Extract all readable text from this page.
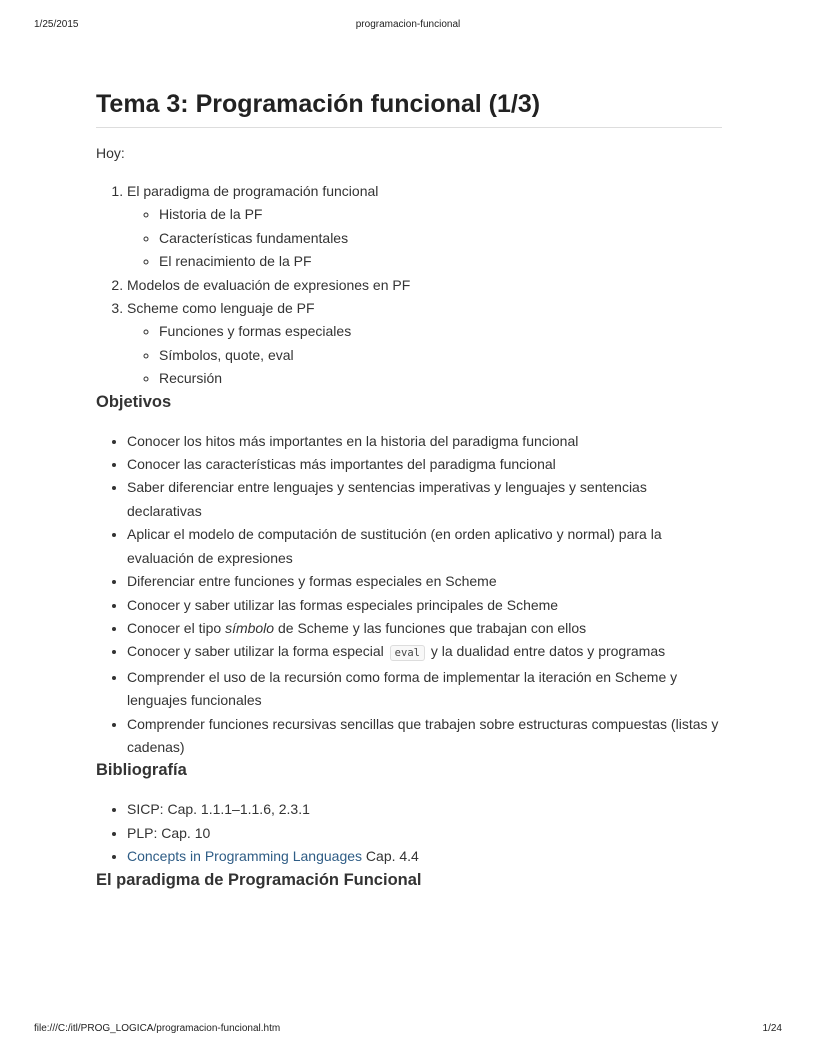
1/25/2015	programacion-funcional
Tema 3: Programación funcional (1/3)

Hoy:

1. El paradigma de programación funcional
◦ Historia de la PF
◦ Características fundamentales
◦ El renacimiento de la PF
2. Modelos de evaluación de expresiones en PF
3. Scheme como lenguaje de PF
◦ Funciones y formas especiales
◦ Símbolos, quote, eval
◦ Recursión
Objetivos
• Conocer los hitos más importantes en la historia del paradigma funcional
• Conocer las características más importantes del paradigma funcional
• Saber diferenciar entre lenguajes y sentencias imperativas y lenguajes y sentencias declarativas
• Aplicar el modelo de computación de sustitución (en orden aplicativo y normal) para la evaluación de expresiones
• Diferenciar entre funciones y formas especiales en Scheme
• Conocer y saber utilizar las formas especiales principales de Scheme
• Conocer el tipo símbolo de Scheme y las funciones que trabajan con ellos
• Conocer y saber utilizar la forma especial eval y la dualidad entre datos y programas
• Comprender el uso de la recursión como forma de implementar la iteración en Scheme y lenguajes funcionales
• Comprender funciones recursivas sencillas que trabajen sobre estructuras compuestas (listas y cadenas)
Bibliografía
• SICP: Cap. 1.1.1–1.1.6, 2.3.1
• PLP: Cap. 10
• Concepts in Programming Languages Cap. 4.4
El paradigma de Programación Funcional
file:///C:/itl/PROG_LOGICA/programacion-funcional.htm	1/24
